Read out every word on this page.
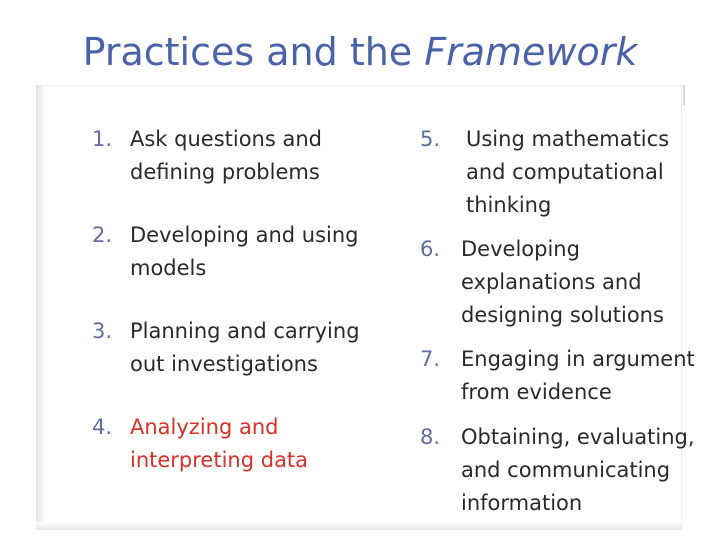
Practices and the Framework
1. Ask questions and
defining problems
2. Developing and using
models
3. Planning and carrying
out investigations
4. Analyzing and
interpreting data
5. Using mathematics
and computational
thinking
6. Developing
explanations and
designing solutions
7. Engaging in argument
from evidence
8. Obtaining, evaluating,
and communicating
information
